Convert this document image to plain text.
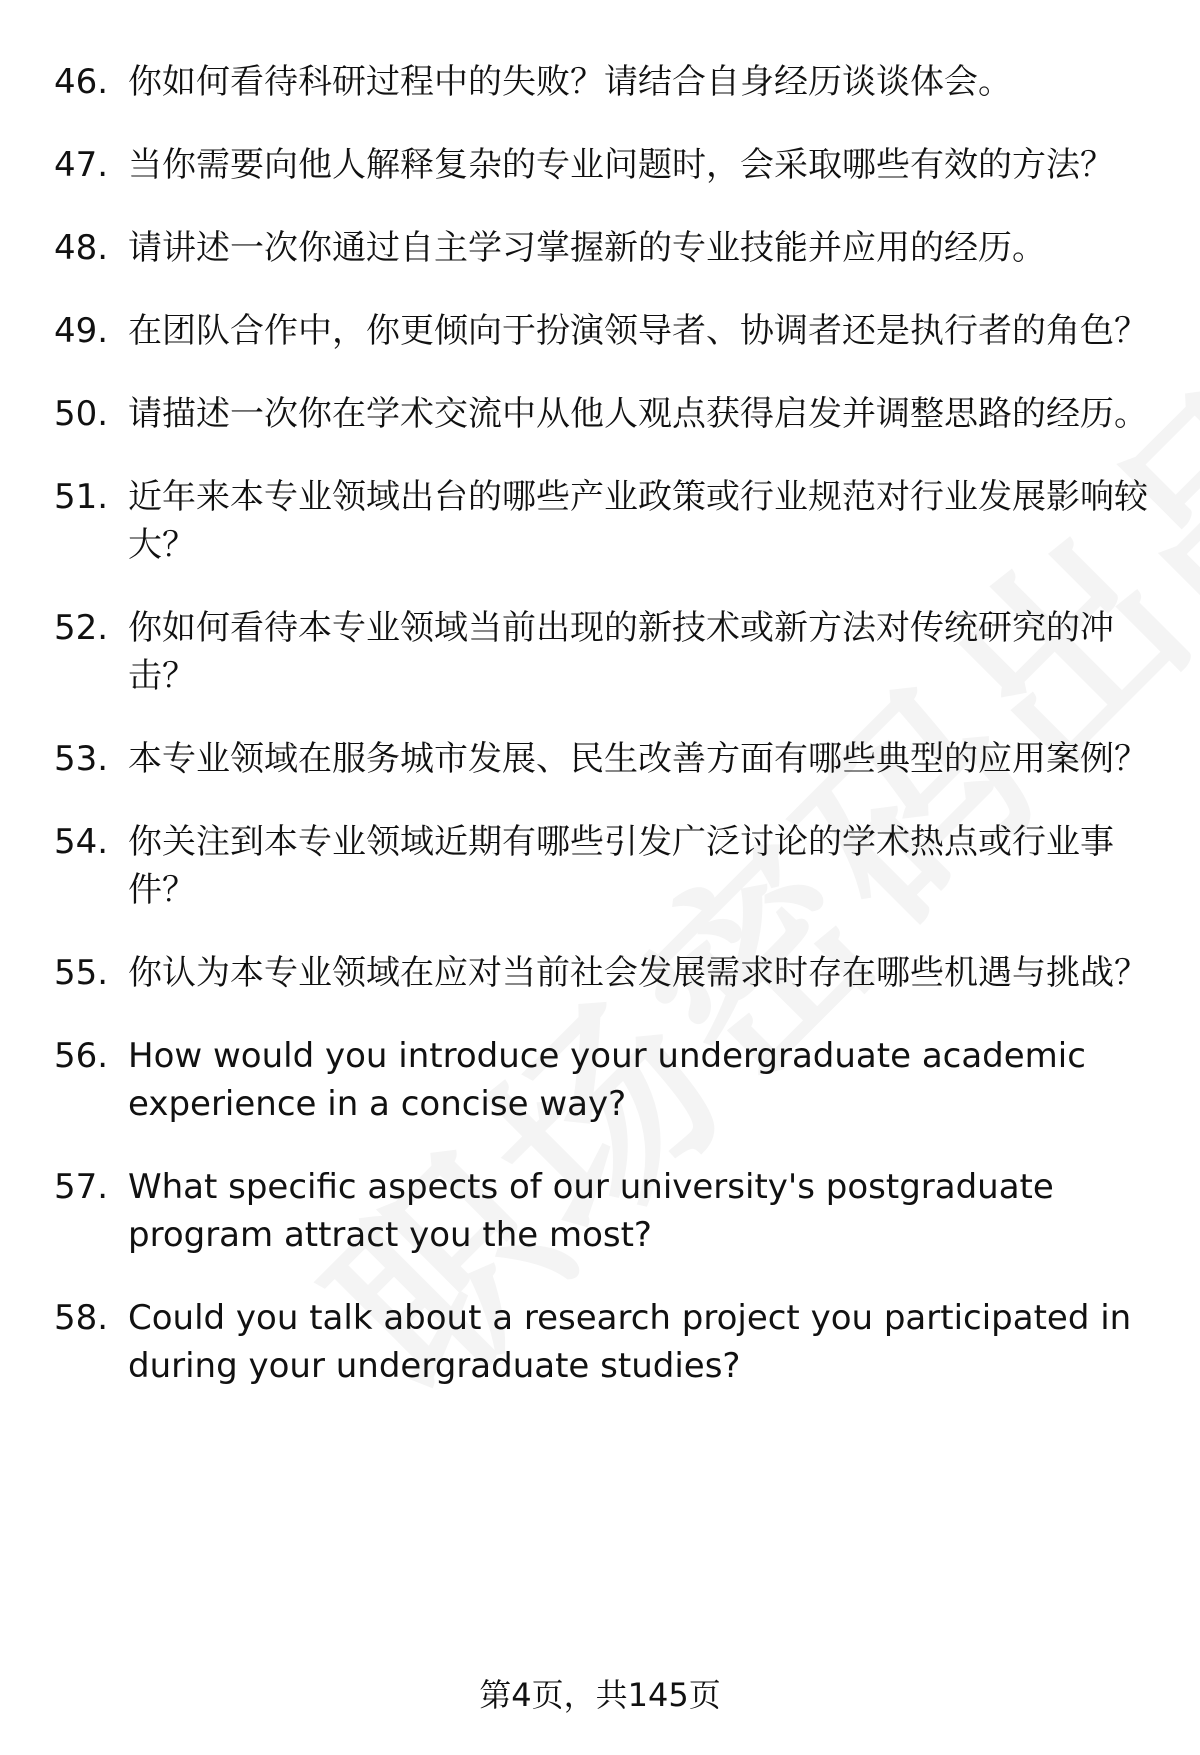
46. 你如何看待科研过程中的失败？请结合自身经历谈谈体会。
47. 当你需要向他人解释复杂的专业问题时，会采取哪些有效的方法？
48. 请讲述一次你通过自主学习掌握新的专业技能并应用的经历。
49. 在团队合作中，你更倾向于扮演领导者、协调者还是执行者的角色？
50. 请描述一次你在学术交流中从他人观点获得启发并调整思路的经历。
51. 近年来本专业领域出台的哪些产业政策或行业规范对行业发展影响较大？
52. 你如何看待本专业领域当前出现的新技术或新方法对传统研究的冲击？
53. 本专业领域在服务城市发展、民生改善方面有哪些典型的应用案例？
54. 你关注到本专业领域近期有哪些引发广泛讨论的学术热点或行业事件？
55. 你认为本专业领域在应对当前社会发展需求时存在哪些机遇与挑战？
56. How would you introduce your undergraduate academic experience in a concise way?
57. What specific aspects of our university's postgraduate program attract you the most?
58. Could you talk about a research project you participated in during your undergraduate studies?
第4页，共145页
